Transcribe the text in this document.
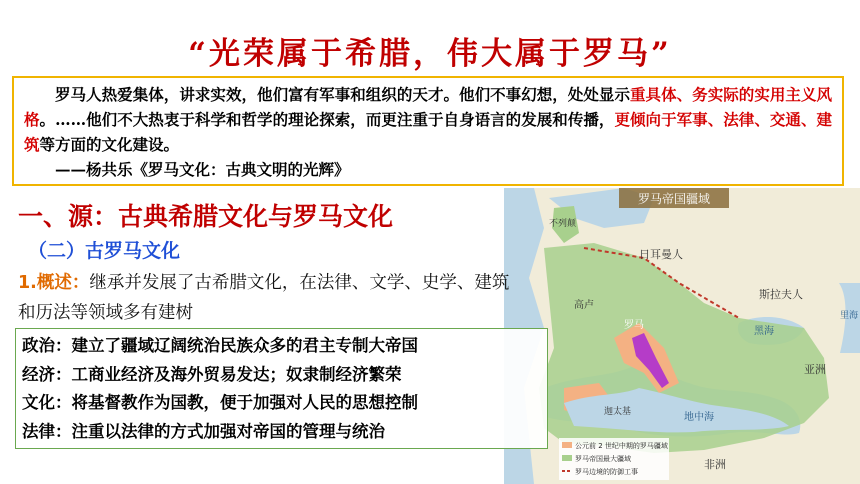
“光荣属于希腊，伟大属于罗马”

罗马人热爱集体，讲求实效，他们富有军事和组织的天才。他们不事幻想，处处显示重具体、务实际的实用主义风格。……他们不大热衷于科学和哲学的理论探索，而更注重于自身语言的发展和传播，更倾向于军事、法律、交通、建筑等方面的文化建设。

——杨共乐《罗马文化：古典文明的光辉》

罗马帝国疆域
日耳曼人
斯拉夫人
不列颠
高卢
罗马
迦太基	地中海
黑海
亚洲
非洲
里海
公元前 2 世纪中期的罗马疆域
罗马帝国最大疆域
罗马边境的防御工事
一、源：古典希腊文化与罗马文化
（二）古罗马文化
1.概述：继承并发展了古希腊文化，在法律、文学、史学、建筑和历法等领域多有建树
政治：建立了疆域辽阔统治民族众多的君主专制大帝国
经济：工商业经济及海外贸易发达；奴隶制经济繁荣
文化：将基督教作为国教，便于加强对人民的思想控制
法律：注重以法律的方式加强对帝国的管理与统治
